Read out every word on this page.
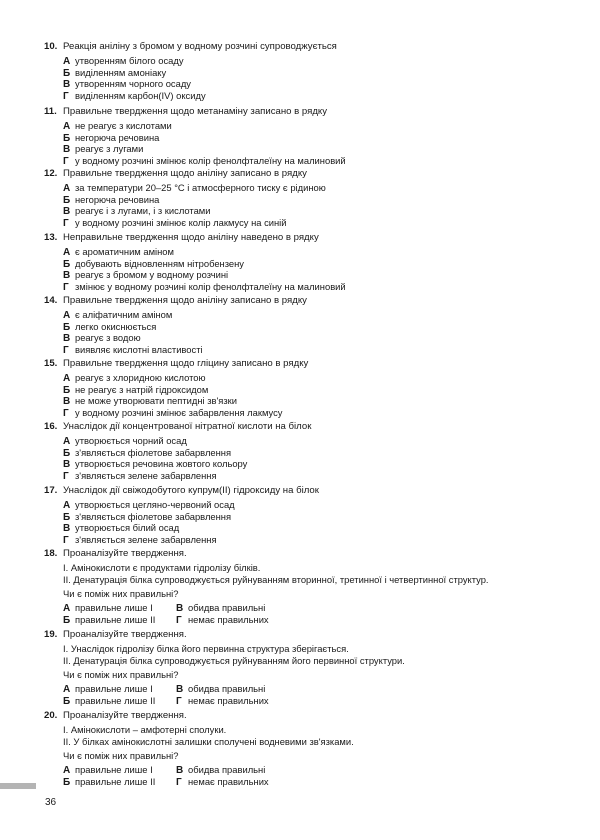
10. Реакція аніліну з бромом у водному розчині супроводжується
А утворенням білого осаду
Б виділенням амоніаку
В утворенням чорного осаду
Г виділенням карбон(IV) оксиду
11. Правильне твердження щодо метанаміну записано в рядку
А не реагує з кислотами
Б негорюча речовина
В реагує з лугами
Г у водному розчині змінює колір фенолфталеїну на малиновий
12. Правильне твердження щодо аніліну записано в рядку
А за температури 20–25 °С і атмосферного тиску є рідиною
Б негорюча речовина
В реагує і з лугами, і з кислотами
Г у водному розчині змінює колір лакмусу на синій
13. Неправильне твердження щодо аніліну наведено в рядку
А є ароматичним аміном
Б добувають відновленням нітробензену
В реагує з бромом у водному розчині
Г змінює у водному розчині колір фенолфталеїну на малиновий
14. Правильне твердження щодо аніліну записано в рядку
А є аліфатичним аміном
Б легко окиснюється
В реагує з водою
Г виявляє кислотні властивості
15. Правильне твердження щодо гліцину записано в рядку
А реагує з хлоридною кислотою
Б не реагує з натрій гідроксидом
В не може утворювати пептидні зв'язки
Г у водному розчині змінює забарвлення лакмусу
16. Унаслідок дії концентрованої нітратної кислоти на білок
А утворюється чорний осад
Б з'являється фіолетове забарвлення
В утворюється речовина жовтого кольору
Г з'являється зелене забарвлення
17. Унаслідок дії свіжодобутого купрум(II) гідроксиду на білок
А утворюється цегляно-червоний осад
Б з'являється фіолетове забарвлення
В утворюється білий осад
Г з'являється зелене забарвлення
18. Проаналізуйте твердження.
I. Амінокислоти є продуктами гідролізу білків.
II. Денатурація білка супроводжується руйнуванням вторинної, третинної і четвертинної структур.
Чи є поміж них правильні?
А правильне лише I	В обидва правильні
Б правильне лише II	Г немає правильних
19. Проаналізуйте твердження.
I. Унаслідок гідролізу білка його первинна структура зберігається.
II. Денатурація білка супроводжується руйнуванням його первинної структури.
Чи є поміж них правильні?
А правильне лише I	В обидва правильні
Б правильне лише II	Г немає правильних
20. Проаналізуйте твердження.
I. Амінокислоти – амфотерні сполуки.
II. У білках амінокислотні залишки сполучені водневими зв'язками.
Чи є поміж них правильні?
А правильне лише I	В обидва правильні
Б правильне лише II	Г немає правильних
36
